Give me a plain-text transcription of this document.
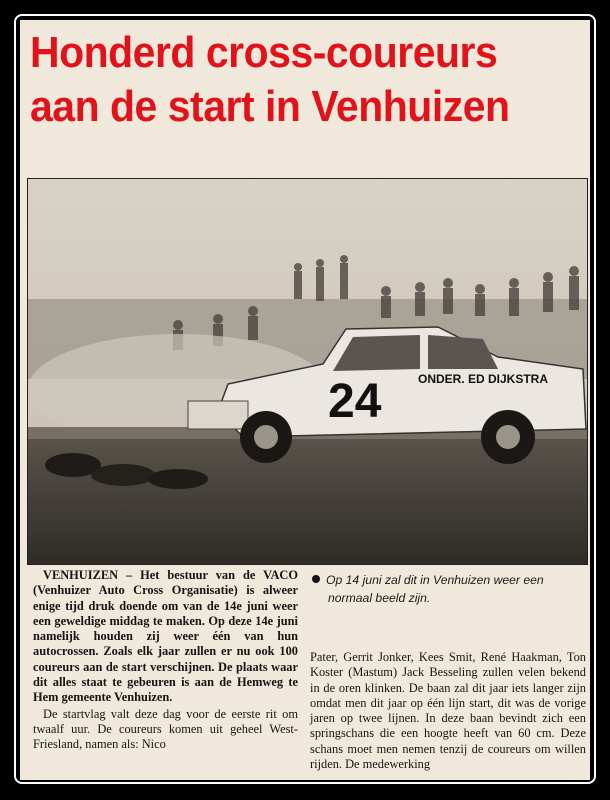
Honderd cross-coureurs
aan de start in Venhuizen
24	ONDER. ED DIJKSTRA
Op 14 juni zal dit in Venhuizen weer een
normaal beeld zijn.

VENHUIZEN – Het bestuur van de VACO (Venhuizer Auto Cross Organisatie) is alweer enige tijd druk doende om van de 14e juni weer een geweldige middag te maken. Op deze 14e juni namelijk houden zij weer één van hun autocrossen. Zoals elk jaar zullen er nu ook 100 coureurs aan de start verschijnen. De plaats waar dit alles staat te gebeuren is aan de Hemweg te Hem gemeente Venhuizen.

De startvlag valt deze dag voor de eerste rit om twaalf uur. De coureurs komen uit geheel West-Friesland, namen als: Nico

Pater, Gerrit Jonker, Kees Smit, René Haakman, Ton Koster (Mastum) Jack Besseling zullen velen bekend in de oren klinken. De baan zal dit jaar iets langer zijn omdat men dit jaar op één lijn start, dit was de vorige jaren op twee lijnen. In deze baan bevindt zich een springschans die een hoogte heeft van 60 cm. Deze schans moet men nemen tenzij de coureurs om willen rijden. De medewerking
